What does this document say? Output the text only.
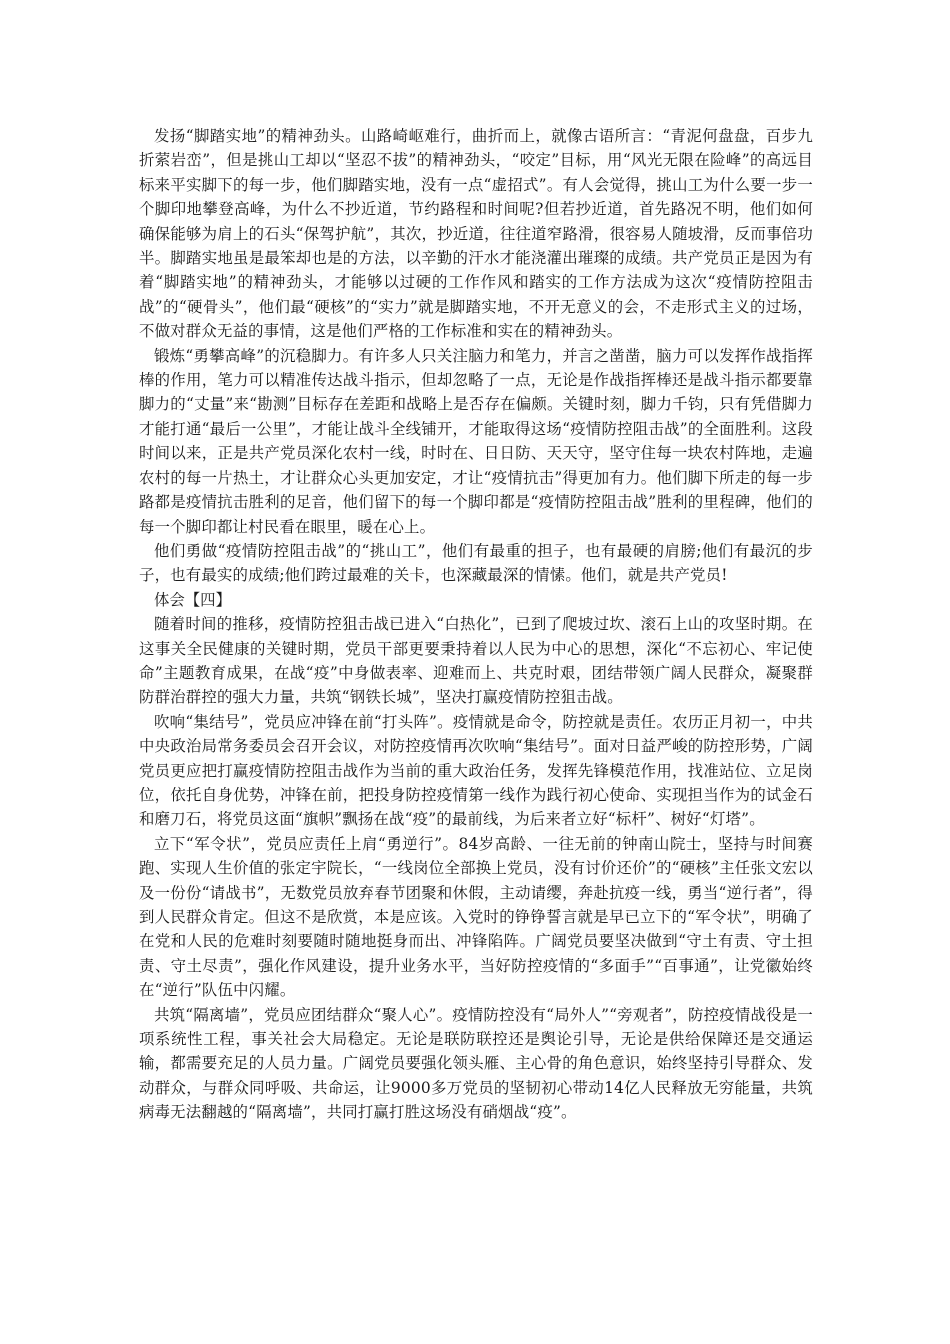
发扬“脚踏实地”的精神劲头。山路崎岖难行，曲折而上，就像古语所言：“青泥何盘盘，百步九折萦岩峦”，但是挑山工却以“坚忍不拔”的精神劲头，“咬定”目标，用“风光无限在险峰”的高远目标来平实脚下的每一步，他们脚踏实地，没有一点“虚招式”。有人会觉得，挑山工为什么要一步一个脚印地攀登高峰，为什么不抄近道，节约路程和时间呢?但若抄近道，首先路况不明，他们如何确保能够为肩上的石头“保驾护航”，其次，抄近道，往往道窄路滑，很容易人随坡滑，反而事倍功半。脚踏实地虽是最笨却也是的方法，以辛勤的汗水才能浇灌出璀璨的成绩。共产党员正是因为有着“脚踏实地”的精神劲头，才能够以过硬的工作作风和踏实的工作方法成为这次“疫情防控阻击战”的“硬骨头”，他们最“硬核”的“实力”就是脚踏实地，不开无意义的会，不走形式主义的过场，不做对群众无益的事情，这是他们严格的工作标准和实在的精神劲头。

锻炼“勇攀高峰”的沉稳脚力。有许多人只关注脑力和笔力，并言之凿凿，脑力可以发挥作战指挥棒的作用，笔力可以精准传达战斗指示，但却忽略了一点，无论是作战指挥棒还是战斗指示都要靠脚力的“丈量”来“勘测”目标存在差距和战略上是否存在偏颇。关键时刻，脚力千钧，只有凭借脚力才能打通“最后一公里”，才能让战斗全线铺开，才能取得这场“疫情防控阻击战”的全面胜利。这段时间以来，正是共产党员深化农村一线，时时在、日日防、天天守，坚守住每一块农村阵地，走遍农村的每一片热土，才让群众心头更加安定，才让“疫情抗击”得更加有力。他们脚下所走的每一步路都是疫情抗击胜利的足音，他们留下的每一个脚印都是“疫情防控阻击战”胜利的里程碑，他们的每一个脚印都让村民看在眼里，暖在心上。

他们勇做“疫情防控阻击战”的“挑山工”，他们有最重的担子，也有最硬的肩膀;他们有最沉的步子，也有最实的成绩;他们跨过最难的关卡，也深藏最深的情愫。他们，就是共产党员!

体会【四】

随着时间的推移，疫情防控狙击战已进入“白热化”，已到了爬坡过坎、滚石上山的攻坚时期。在这事关全民健康的关键时期，党员干部更要秉持着以人民为中心的思想，深化“不忘初心、牢记使命”主题教育成果，在战“疫”中身做表率、迎难而上、共克时艰，团结带领广阔人民群众，凝聚群防群治群控的强大力量，共筑“钢铁长城”，坚决打赢疫情防控狙击战。

吹响“集结号”，党员应冲锋在前“打头阵”。疫情就是命令，防控就是责任。农历正月初一，中共中央政治局常务委员会召开会议，对防控疫情再次吹响“集结号”。面对日益严峻的防控形势，广阔党员更应把打赢疫情防控阻击战作为当前的重大政治任务，发挥先锋模范作用，找准站位、立足岗位，依托自身优势，冲锋在前，把投身防控疫情第一线作为践行初心使命、实现担当作为的试金石和磨刀石，将党员这面“旗帜”飘扬在战“疫”的最前线，为后来者立好“标杆”、树好“灯塔”。

立下“军令状”，党员应责任上肩“勇逆行”。84岁高龄、一往无前的钟南山院士，坚持与时间赛跑、实现人生价值的张定宇院长，“一线岗位全部换上党员，没有讨价还价”的“硬核”主任张文宏以及一份份“请战书”，无数党员放弃春节团聚和休假，主动请缨，奔赴抗疫一线，勇当“逆行者”，得到人民群众肯定。但这不是欣赏，本是应该。入党时的铮铮誓言就是早已立下的“军令状”，明确了在党和人民的危难时刻要随时随地挺身而出、冲锋陷阵。广阔党员要坚决做到“守土有责、守土担责、守土尽责”，强化作风建设，提升业务水平，当好防控疫情的“多面手”“百事通”，让党徽始终在“逆行”队伍中闪耀。

共筑“隔离墙”，党员应团结群众“聚人心”。疫情防控没有“局外人”“旁观者”，防控疫情战役是一项系统性工程，事关社会大局稳定。无论是联防联控还是舆论引导，无论是供给保障还是交通运输，都需要充足的人员力量。广阔党员要强化领头雁、主心骨的角色意识，始终坚持引导群众、发动群众，与群众同呼吸、共命运，让9000多万党员的坚韧初心带动14亿人民释放无穷能量，共筑病毒无法翻越的“隔离墙”，共同打赢打胜这场没有硝烟战“疫”。
